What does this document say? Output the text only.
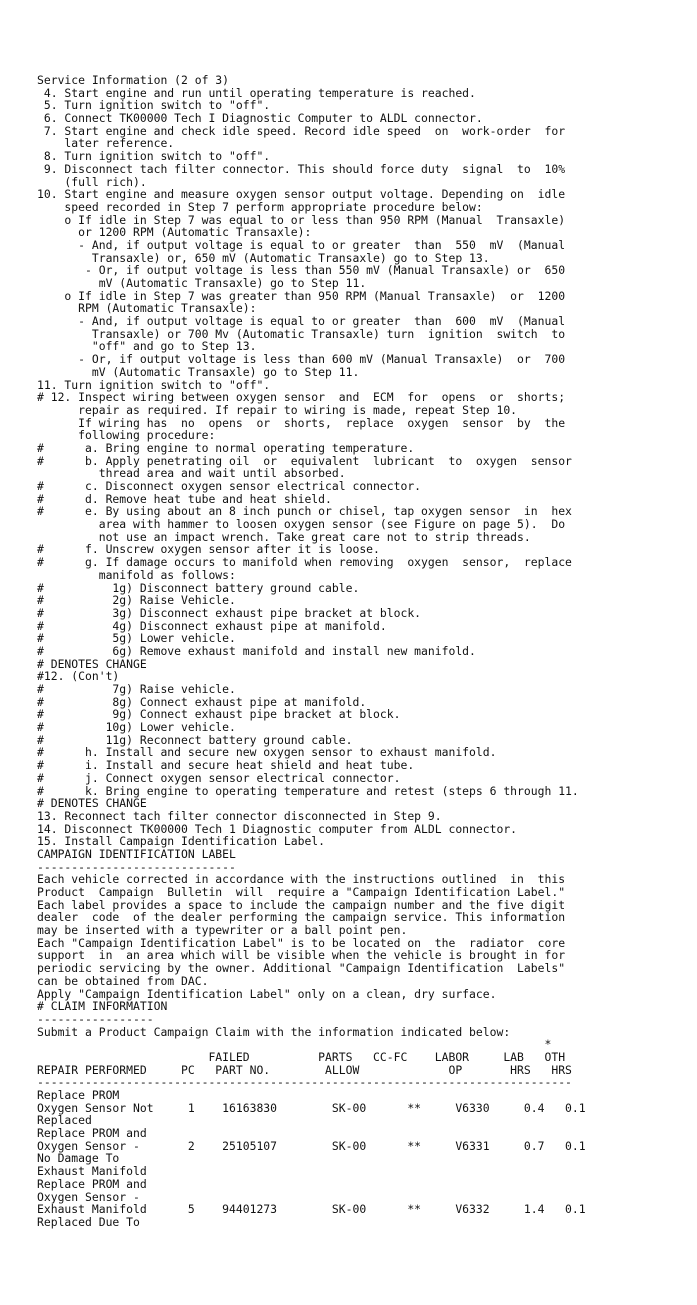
Service Information (2 of 3)
4. Start engine and run until operating temperature is reached.
5. Turn ignition switch to "off".
6. Connect TK00000 Tech I Diagnostic Computer to ALDL connector.
7. Start engine and check idle speed. Record idle speed  on  work-order  for
later reference.
8. Turn ignition switch to "off".
9. Disconnect tach filter connector. This should force duty  signal  to  10%
(full rich).
10. Start engine and measure oxygen sensor output voltage. Depending on  idle
speed recorded in Step 7 perform appropriate procedure below:
o If idle in Step 7 was equal to or less than 950 RPM (Manual  Transaxle)
or 1200 RPM (Automatic Transaxle):
- And, if output voltage is equal to or greater  than  550  mV  (Manual
Transaxle) or, 650 mV (Automatic Transaxle) go to Step 13.
- Or, if output voltage is less than 550 mV (Manual Transaxle) or  650
mV (Automatic Transaxle) go to Step 11.
o If idle in Step 7 was greater than 950 RPM (Manual Transaxle)  or  1200
RPM (Automatic Transaxle):
- And, if output voltage is equal to or greater  than  600  mV  (Manual
Transaxle) or 700 Mv (Automatic Transaxle) turn  ignition  switch  to
"off" and go to Step 13.
- Or, if output voltage is less than 600 mV (Manual Transaxle)  or  700
mV (Automatic Transaxle) go to Step 11.
11. Turn ignition switch to "off".
# 12. Inspect wiring between oxygen sensor  and  ECM  for  opens  or  shorts;
repair as required. If repair to wiring is made, repeat Step 10.
If wiring has  no  opens  or  shorts,  replace  oxygen  sensor  by  the
following procedure:
#      a. Bring engine to normal operating temperature.
#      b. Apply penetrating oil  or  equivalent  lubricant  to  oxygen  sensor
thread area and wait until absorbed.
#      c. Disconnect oxygen sensor electrical connector.
#      d. Remove heat tube and heat shield.
#      e. By using about an 8 inch punch or chisel, tap oxygen sensor  in  hex
area with hammer to loosen oxygen sensor (see Figure on page 5).  Do
not use an impact wrench. Take great care not to strip threads.
#      f. Unscrew oxygen sensor after it is loose.
#      g. If damage occurs to manifold when removing  oxygen  sensor,  replace
manifold as follows:
#          1g) Disconnect battery ground cable.
#          2g) Raise Vehicle.
#          3g) Disconnect exhaust pipe bracket at block.
#          4g) Disconnect exhaust pipe at manifold.
#          5g) Lower vehicle.
#          6g) Remove exhaust manifold and install new manifold.
# DENOTES CHANGE
#12. (Con't)
#          7g) Raise vehicle.
#          8g) Connect exhaust pipe at manifold.
#          9g) Connect exhaust pipe bracket at block.
#         10g) Lower vehicle.
#         11g) Reconnect battery ground cable.
#      h. Install and secure new oxygen sensor to exhaust manifold.
#      i. Install and secure heat shield and heat tube.
#      j. Connect oxygen sensor electrical connector.
#      k. Bring engine to operating temperature and retest (steps 6 through 11.
# DENOTES CHANGE
13. Reconnect tach filter connector disconnected in Step 9.
14. Disconnect TK00000 Tech 1 Diagnostic computer from ALDL connector.
15. Install Campaign Identification Label.
CAMPAIGN IDENTIFICATION LABEL
-----------------------------
Each vehicle corrected in accordance with the instructions outlined  in  this
Product  Campaign  Bulletin  will  require a "Campaign Identification Label."
Each label provides a space to include the campaign number and the five digit
dealer  code  of the dealer performing the campaign service. This information
may be inserted with a typewriter or a ball point pen.
Each "Campaign Identification Label" is to be located on  the  radiator  core
support  in  an area which will be visible when the vehicle is brought in for
periodic servicing by the owner. Additional "Campaign Identification  Labels"
can be obtained from DAC.
Apply "Campaign Identification Label" only on a clean, dry surface.
# CLAIM INFORMATION
-----------------
Submit a Product Campaign Claim with the information indicated below:
*
FAILED          PARTS   CC-FC    LABOR     LAB   OTH
REPAIR PERFORMED     PC   PART NO.        ALLOW             OP       HRS   HRS
------------------------------------------------------------------------------
Replace PROM
Oxygen Sensor Not     1    16163830        SK-00      **     V6330     0.4   0.1
Replaced
Replace PROM and
Oxygen Sensor -       2    25105107        SK-00      **     V6331     0.7   0.1
No Damage To
Exhaust Manifold
Replace PROM and
Oxygen Sensor -
Exhaust Manifold      5    94401273        SK-00      **     V6332     1.4   0.1
Replaced Due To
